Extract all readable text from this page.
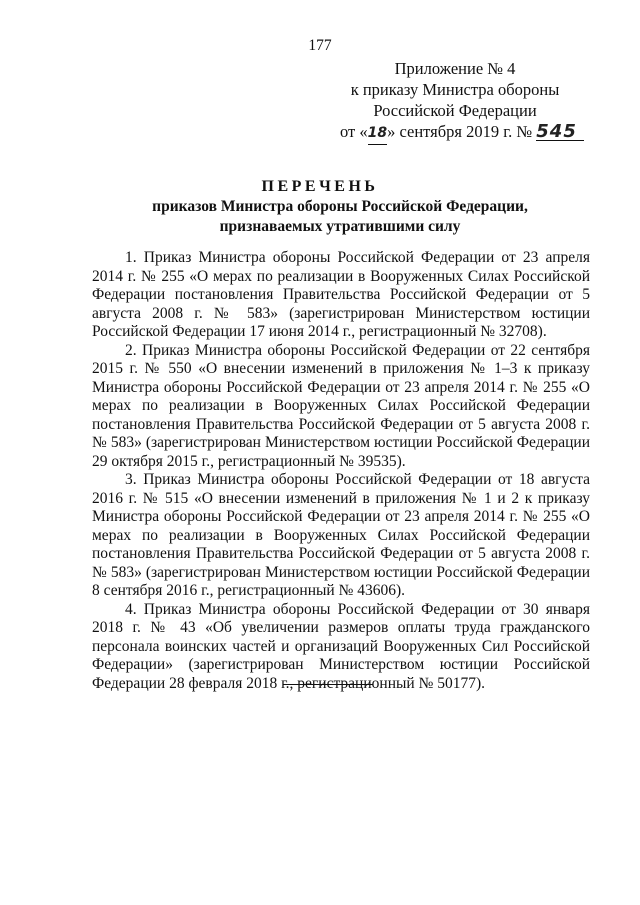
177
Приложение № 4
к приказу Министра обороны
Российской Федерации
от «18» сентября 2019 г. № 545
ПЕРЕЧЕНЬ
приказов Министра обороны Российской Федерации, признаваемых утратившими силу

1. Приказ Министра обороны Российской Федерации от 23 апреля 2014 г. № 255 «О мерах по реализации в Вооруженных Силах Российской Федерации постановления Правительства Российской Федерации от 5 августа 2008 г. № 583» (зарегистрирован Министерством юстиции Российской Федерации 17 июня 2014 г., регистрационный № 32708).

2. Приказ Министра обороны Российской Федерации от 22 сентября 2015 г. № 550 «О внесении изменений в приложения № 1–3 к приказу Министра обороны Российской Федерации от 23 апреля 2014 г. № 255 «О мерах по реализации в Вооруженных Силах Российской Федерации постановления Правительства Российской Федерации от 5 августа 2008 г. № 583» (зарегистрирован Министерством юстиции Российской Федерации 29 октября 2015 г., регистрационный № 39535).

3. Приказ Министра обороны Российской Федерации от 18 августа 2016 г. № 515 «О внесении изменений в приложения № 1 и 2 к приказу Министра обороны Российской Федерации от 23 апреля 2014 г. № 255 «О мерах по реализации в Вооруженных Силах Российской Федерации постановления Правительства Российской Федерации от 5 августа 2008 г. № 583» (зарегистрирован Министерством юстиции Российской Федерации 8 сентября 2016 г., регистрационный № 43606).

4. Приказ Министра обороны Российской Федерации от 30 января 2018 г. № 43 «Об увеличении размеров оплаты труда гражданского персонала воинских частей и организаций Вооруженных Сил Российской Федерации» (зарегистрирован Министерством юстиции Российской Федерации 28 февраля 2018 г., регистрационный № 50177).
